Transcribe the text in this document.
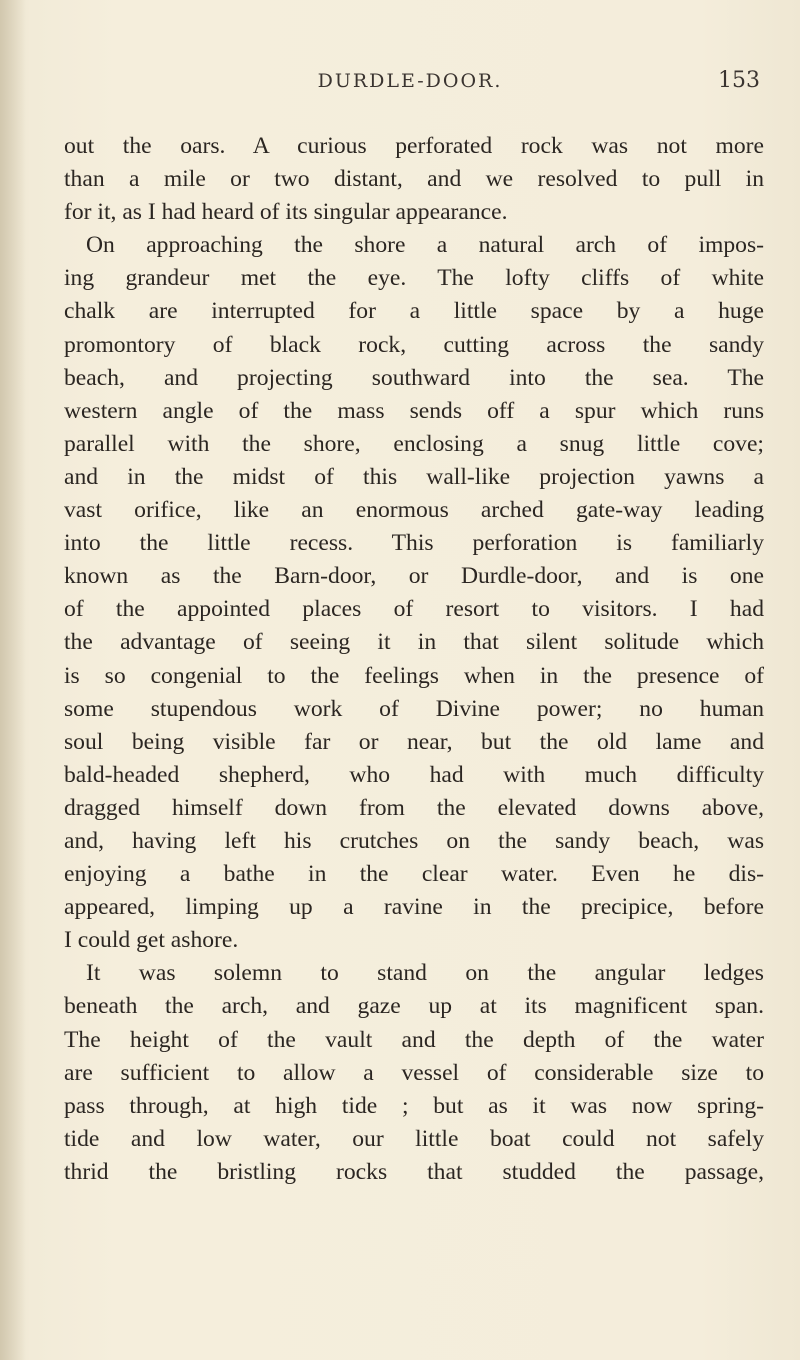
DURDLE-DOOR.	153
out the oars. A curious perforated rock was not more
than a mile or two distant, and we resolved to pull in
for it, as I had heard of its singular appearance.
On approaching the shore a natural arch of impos-
ing grandeur met the eye. The lofty cliffs of white
chalk are interrupted for a little space by a huge
promontory of black rock, cutting across the sandy
beach, and projecting southward into the sea. The
western angle of the mass sends off a spur which runs
parallel with the shore, enclosing a snug little cove;
and in the midst of this wall-like projection yawns a
vast orifice, like an enormous arched gate-way leading
into the little recess. This perforation is familiarly
known as the Barn-door, or Durdle-door, and is one
of the appointed places of resort to visitors. I had
the advantage of seeing it in that silent solitude which
is so congenial to the feelings when in the presence of
some stupendous work of Divine power; no human
soul being visible far or near, but the old lame and
bald-headed shepherd, who had with much difficulty
dragged himself down from the elevated downs above,
and, having left his crutches on the sandy beach, was
enjoying a bathe in the clear water. Even he dis-
appeared, limping up a ravine in the precipice, before
I could get ashore.
It was solemn to stand on the angular ledges
beneath the arch, and gaze up at its magnificent span.
The height of the vault and the depth of the water
are sufficient to allow a vessel of considerable size to
pass through, at high tide ; but as it was now spring-
tide and low water, our little boat could not safely
thrid the bristling rocks that studded the passage,
